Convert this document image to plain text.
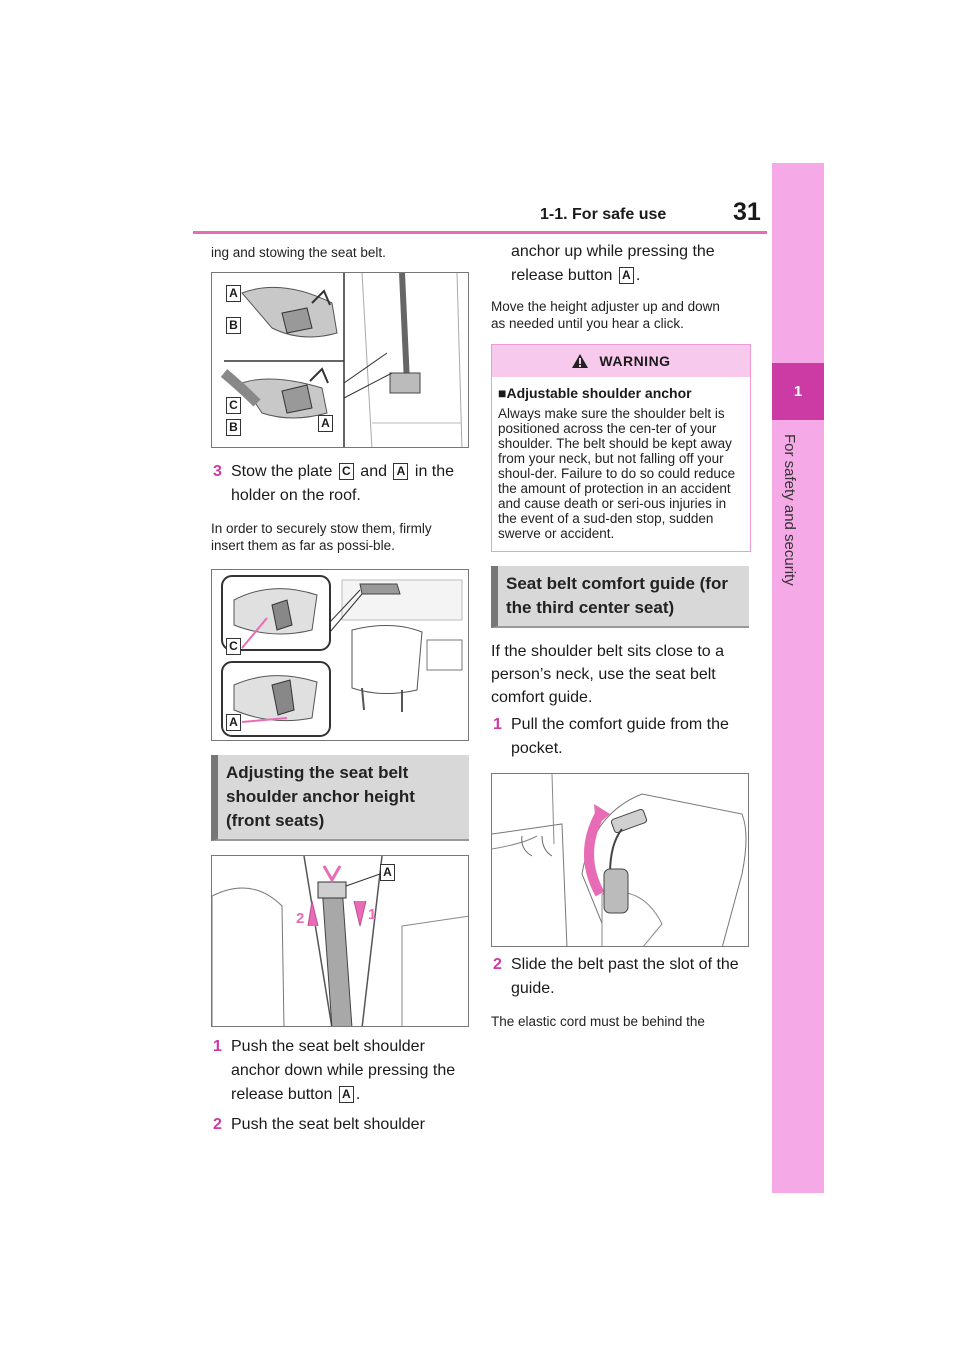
1-1. For safe use	31
1
For safety and security
ing and stowing the seat belt.
A
B
C
B	A
3 Stow the plate C and A in the holder on the roof.
In order to securely stow them, firmly insert them as far as possi-ble.
C
A
Adjusting the seat belt shoulder anchor height (front seats)
A
2	1
1 Push the seat belt shoulder anchor down while pressing the release button A .
2 Push the seat belt shoulder
anchor up while pressing the release button A .
Move the height adjuster up and down as needed until you hear a click.
WARNING
■Adjustable shoulder anchor
Always make sure the shoulder belt is positioned across the cen-ter of your shoulder. The belt should be kept away from your neck, but not falling off your shoul-der. Failure to do so could reduce the amount of protection in an accident and cause death or seri-ous injuries in the event of a sud-den stop, sudden swerve or accident.
Seat belt comfort guide (for the third center seat)
If the shoulder belt sits close to a person’s neck, use the seat belt comfort guide.
1 Pull the comfort guide from the pocket.
2 Slide the belt past the slot of the guide.
The elastic cord must be behind the
